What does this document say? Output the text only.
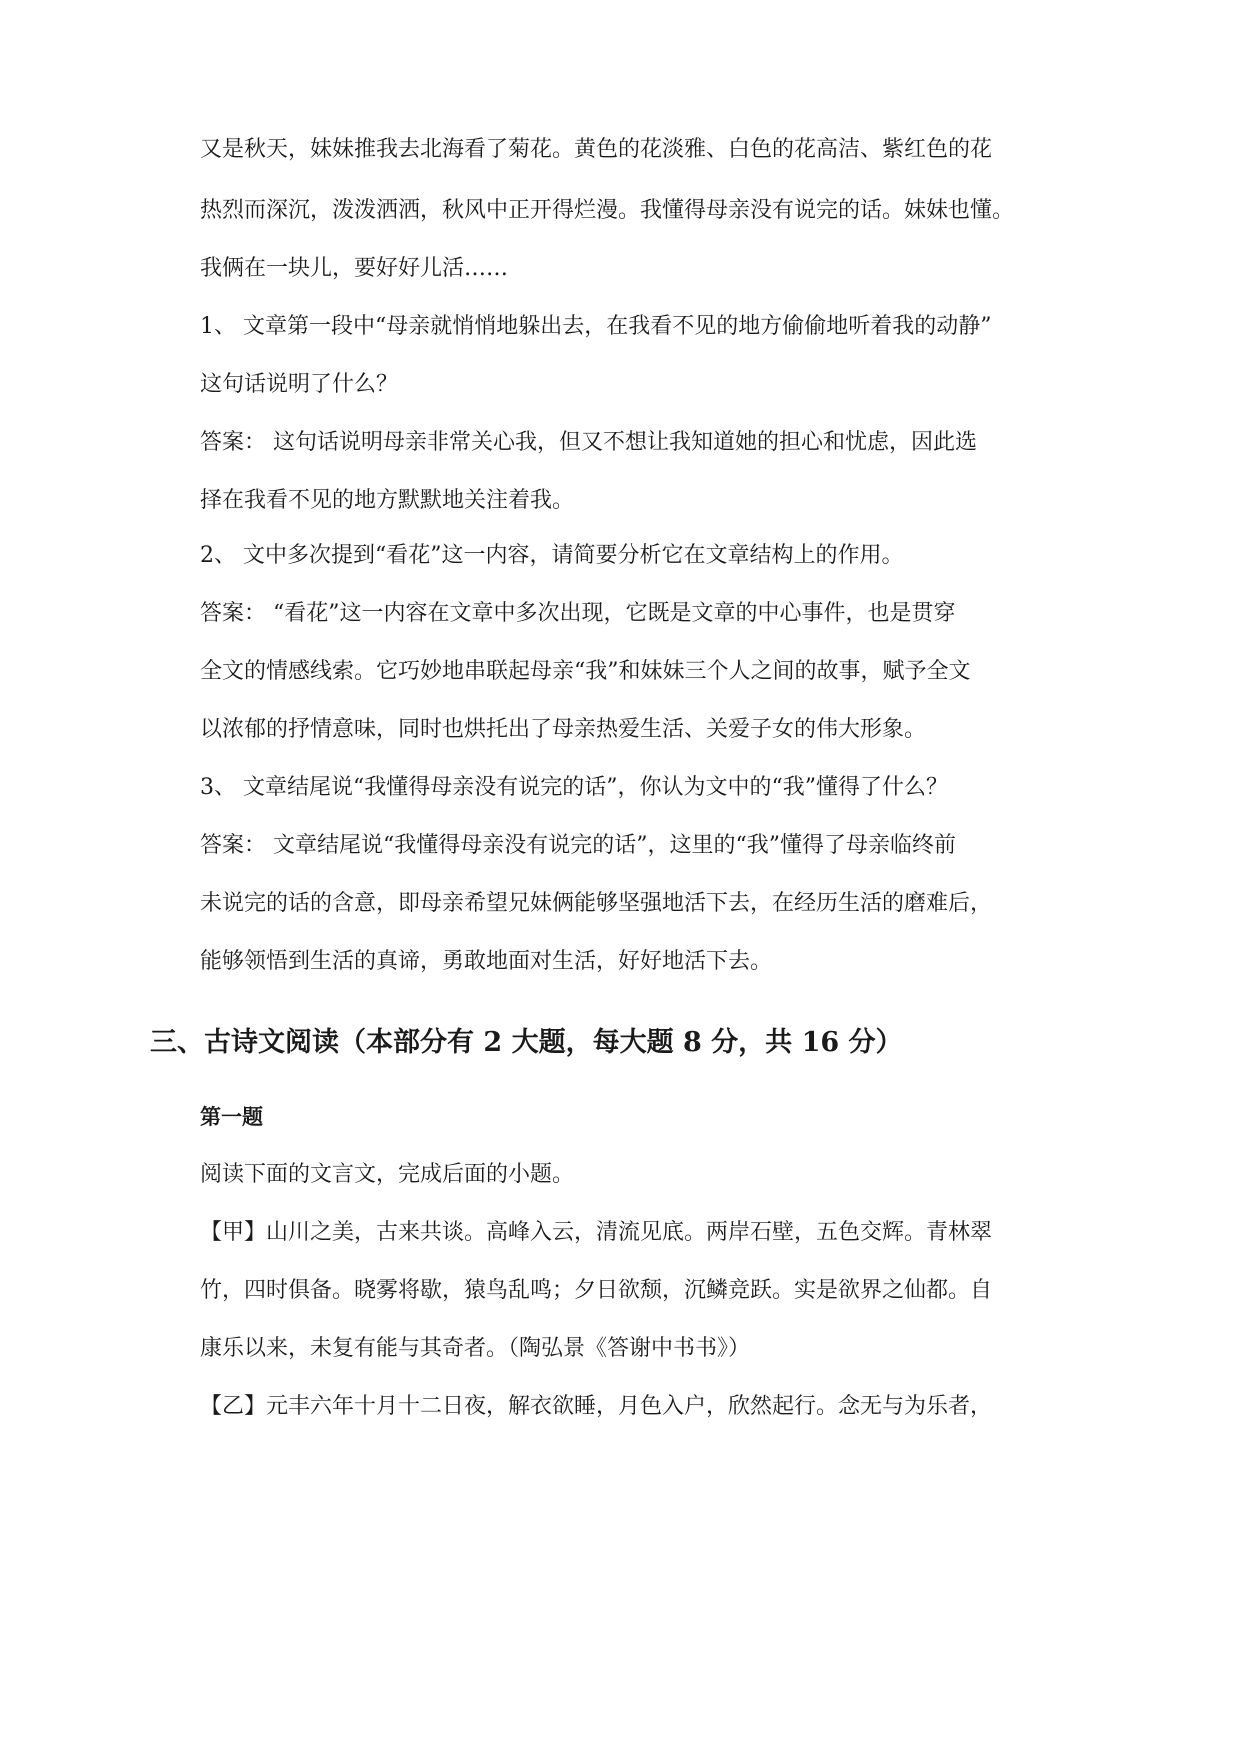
又是秋天，妹妹推我去北海看了菊花。黄色的花淡雅、白色的花高洁、紫红色的花
热烈而深沉，泼泼洒洒，秋风中正开得烂漫。我懂得母亲没有说完的话。妹妹也懂。
我俩在一块儿，要好好儿活……
1、 文章第一段中“母亲就悄悄地躲出去，在我看不见的地方偷偷地听着我的动静”
这句话说明了什么？
答案： 这句话说明母亲非常关心我，但又不想让我知道她的担心和忧虑，因此选
择在我看不见的地方默默地关注着我。
2、 文中多次提到“看花”这一内容，请简要分析它在文章结构上的作用。
答案： “看花”这一内容在文章中多次出现，它既是文章的中心事件，也是贯穿
全文的情感线索。它巧妙地串联起母亲“我”和妹妹三个人之间的故事，赋予全文
以浓郁的抒情意味，同时也烘托出了母亲热爱生活、关爱子女的伟大形象。
3、 文章结尾说“我懂得母亲没有说完的话”，你认为文中的“我”懂得了什么？
答案： 文章结尾说“我懂得母亲没有说完的话”，这里的“我”懂得了母亲临终前
未说完的话的含意，即母亲希望兄妹俩能够坚强地活下去，在经历生活的磨难后，
能够领悟到生活的真谛，勇敢地面对生活，好好地活下去。
三、古诗文阅读（本部分有 2 大题，每大题 8 分，共 16 分）
第一题
阅读下面的文言文，完成后面的小题。
【甲】山川之美，古来共谈。高峰入云，清流见底。两岸石壁，五色交辉。青林翠
竹，四时俱备。晓雾将歇，猿鸟乱鸣；夕日欲颓，沉鳞竞跃。实是欲界之仙都。自
康乐以来，未复有能与其奇者。（陶弘景《答谢中书书》）
【乙】元丰六年十月十二日夜，解衣欲睡，月色入户，欣然起行。念无与为乐者，
